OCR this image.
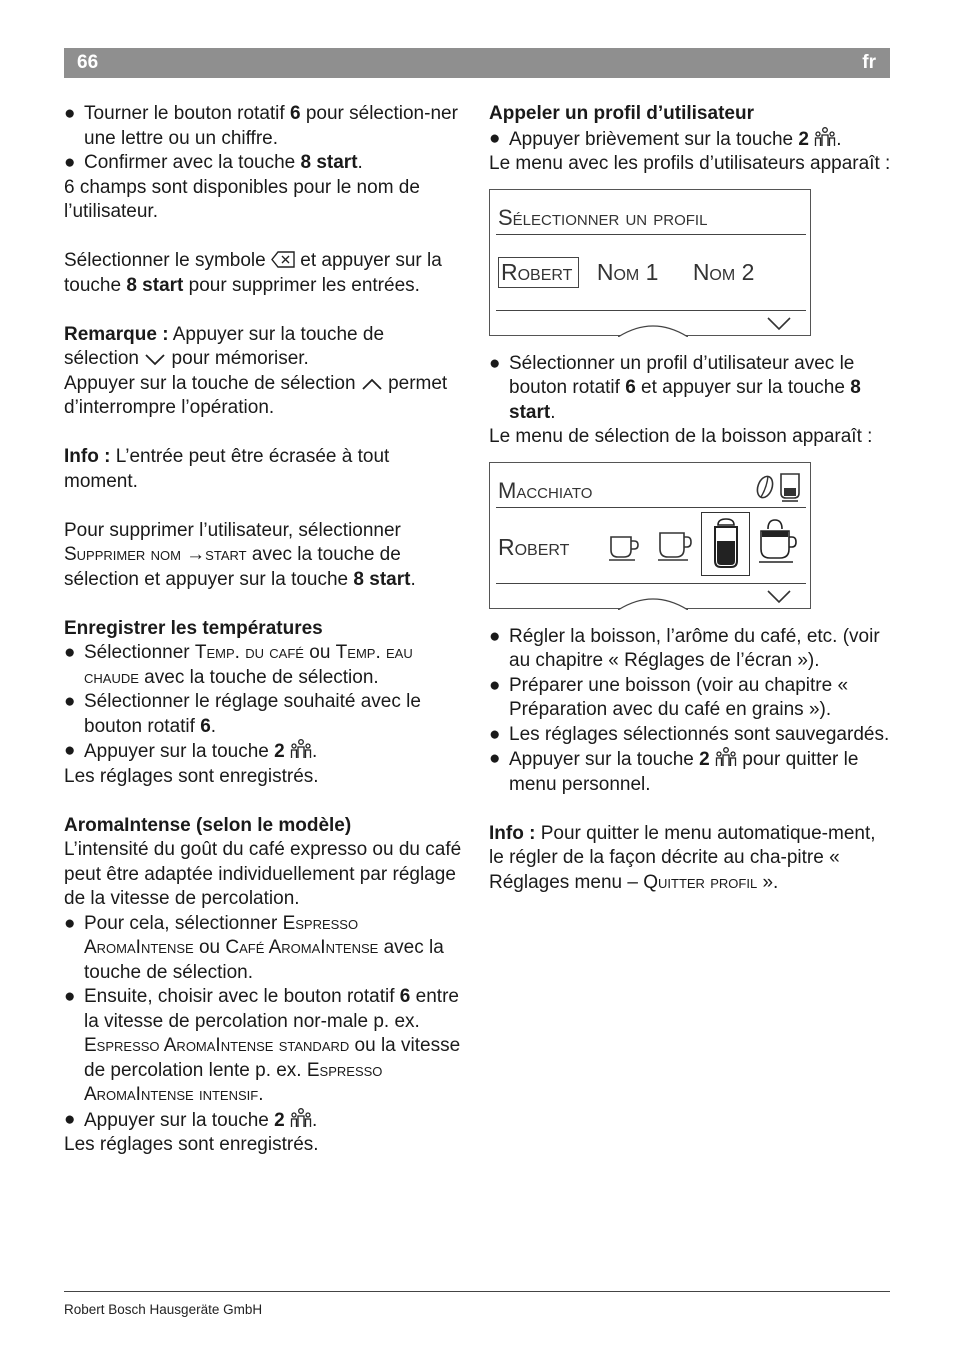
66	fr

● Tourner le bouton rotatif 6 pour sélection-ner une lettre ou un chiffre.

● Confirmer avec la touche 8 start.

6 champs sont disponibles pour le nom de l’utilisateur.

Sélectionner le symbole  et appuyer sur la touche 8 start pour supprimer les entrées.

Remarque : Appuyer sur la touche de sélection  pour mémoriser.
Appuyer sur la touche de sélection  permet d’interrompre l’opération.

Info : L’entrée peut être écrasée à tout moment.

Pour supprimer l’utilisateur, sélectionner Supprimer nom →start avec la touche de sélection et appuyer sur la touche 8 start.

Enregistrer les températures

● Sélectionner Temp. du café ou Temp. eau chaude avec la touche de sélection.

● Sélectionner le réglage souhaité avec le bouton rotatif 6.

● Appuyer sur la touche 2 .

Les réglages sont enregistrés.

AromaIntense (selon le modèle)

L’intensité du goût du café expresso ou du café peut être adaptée individuellement par réglage de la vitesse de percolation.

● Pour cela, sélectionner Espresso AromaIntense ou Café AromaIntense avec la touche de sélection.

● Ensuite, choisir avec le bouton rotatif 6 entre la vitesse de percolation nor-male p. ex. Espresso AromaIntense standard ou la vitesse de percolation lente p. ex. Espresso AromaIntense intensif.

● Appuyer sur la touche 2 .

Les réglages sont enregistrés.

Appeler un profil d’utilisateur

● Appuyer brièvement sur la touche 2 .

Le menu avec les profils d’utilisateurs apparaît :

Sélectionner un profil
Robert Nom 1 Nom 2

● Sélectionner un profil d’utilisateur avec le bouton rotatif 6 et appuyer sur la touche 8 start.

Le menu de sélection de la boisson apparaît :

Macchiato
Robert

● Régler la boisson, l’arôme du café, etc. (voir au chapitre « Réglages de l’écran »).

● Préparer une boisson (voir au chapitre « Préparation avec du café en grains »).

● Les réglages sélectionnés sont sauvegardés.

● Appuyer sur la touche 2  pour quitter le menu personnel.

Info : Pour quitter le menu automatique-ment, le régler de la façon décrite au cha-pitre « Réglages menu – Quitter profil ».

Robert Bosch Hausgeräte GmbH
